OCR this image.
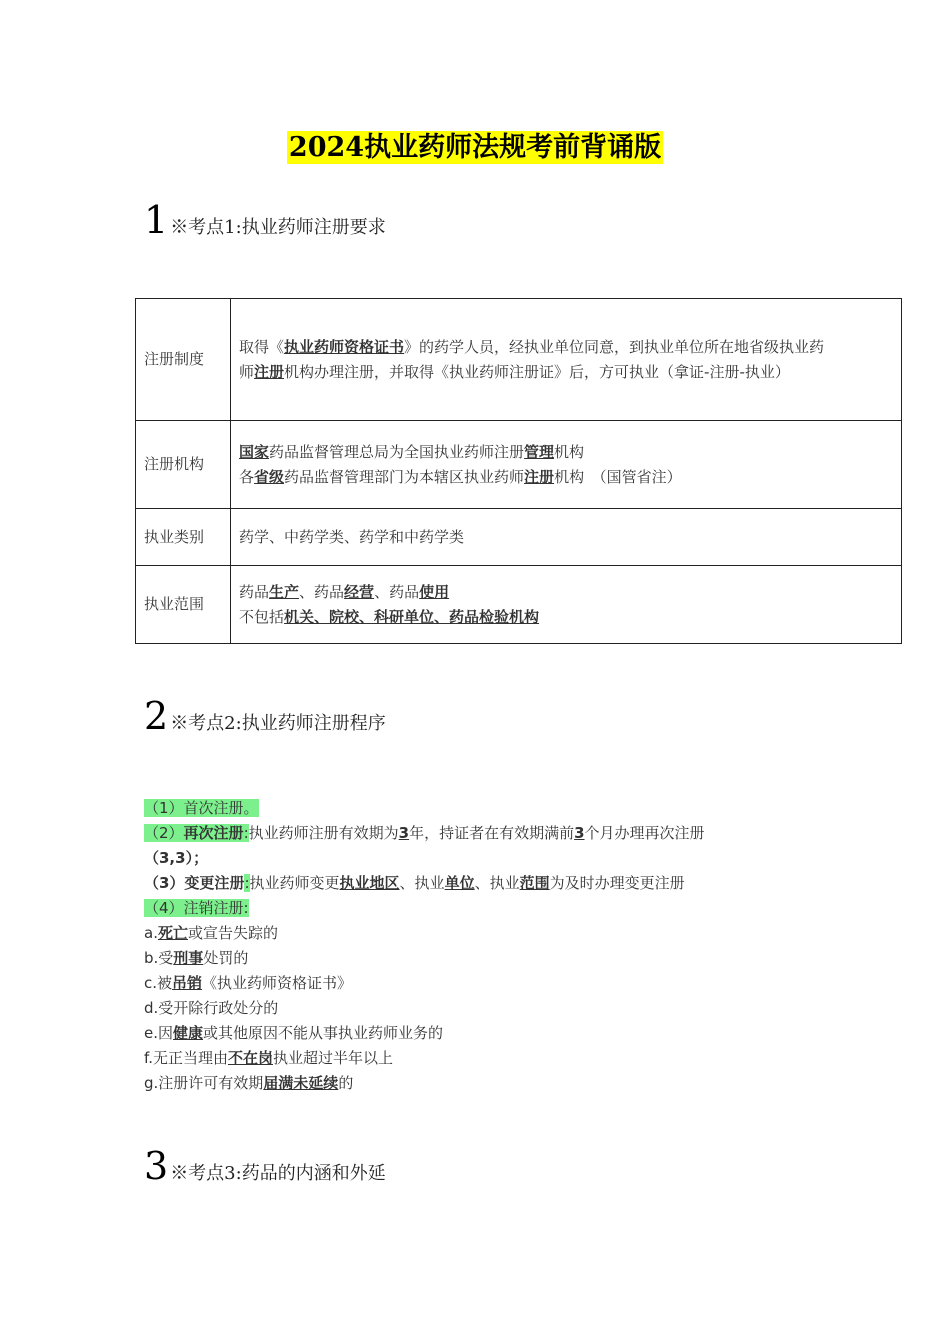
2024执业药师法规考前背诵版
1 ※考点1:执业药师注册要求
注册制度	取得《执业药师资格证书》的药学人员，经执业单位同意，到执业单位所在地省级执业药
师注册机构办理注册，并取得《执业药师注册证》后，方可执业（拿证-注册-执业）

注册机构	国家药品监督管理总局为全国执业药师注册管理机构
各省级药品监督管理部门为本辖区执业药师注册机构　（国管省注）

执业类别	药学、中药学类、药学和中药学类
执业范围	药品生产、药品经营、药品使用
不包括机关、院校、科研单位、药品检验机构
2 ※考点2:执业药师注册程序
（1）首次注册。
（2）再次注册:执业药师注册有效期为3年，持证者在有效期满前3个月办理再次注册
（3,3）；
（3）变更注册:执业药师变更执业地区、执业单位、执业范围为及时办理变更注册
（4）注销注册:
a.死亡或宣告失踪的
b.受刑事处罚的
c.被吊销《执业药师资格证书》
d.受开除行政处分的
e.因健康或其他原因不能从事执业药师业务的
f.无正当理由不在岗执业超过半年以上
g.注册许可有效期届满未延续的
3 ※考点3:药品的内涵和外延
